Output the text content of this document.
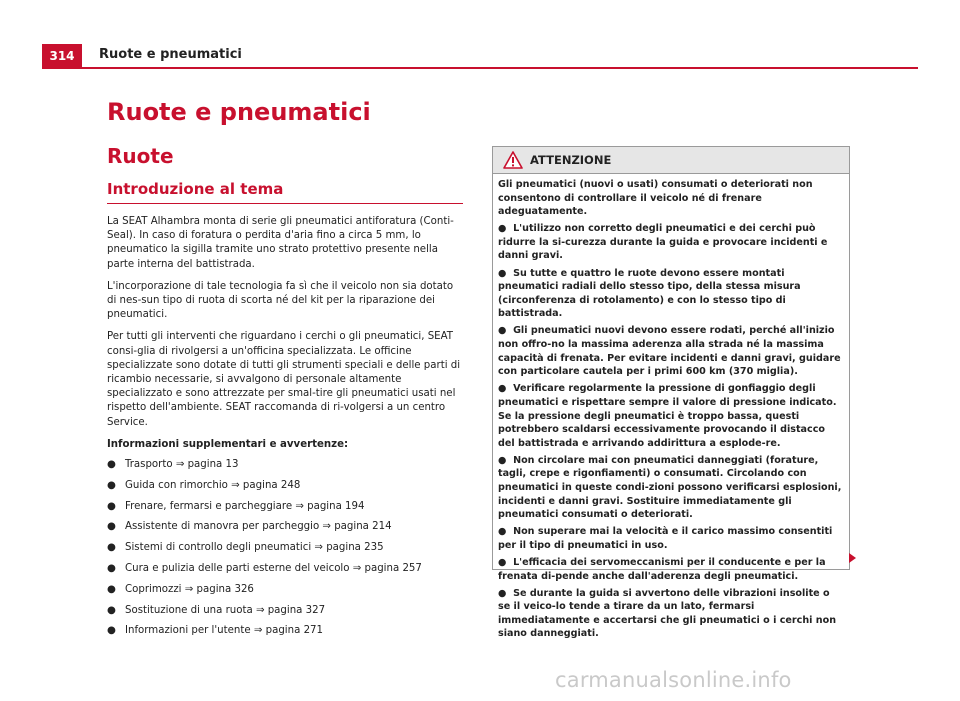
314	Ruote e pneumatici
Ruote e pneumatici
Ruote
Introduzione al tema

La SEAT Alhambra monta di serie gli pneumatici antiforatura (Conti-Seal). In caso di foratura o perdita d'aria fino a circa 5 mm, lo pneumatico la sigilla tramite uno strato protettivo presente nella parte interna del battistrada.

L'incorporazione di tale tecnologia fa sì che il veicolo non sia dotato di nes-sun tipo di ruota di scorta né del kit per la riparazione dei pneumatici.

Per tutti gli interventi che riguardano i cerchi o gli pneumatici, SEAT consi-glia di rivolgersi a un'officina specializzata. Le officine specializzate sono dotate di tutti gli strumenti speciali e delle parti di ricambio necessarie, si avvalgono di personale altamente specializzato e sono attrezzate per smal-tire gli pneumatici usati nel rispetto dell'ambiente. SEAT raccomanda di ri-volgersi a un centro Service.

Informazioni supplementari e avvertenze:

● Trasporto ⇒ pagina 13
● Guida con rimorchio ⇒ pagina 248
● Frenare, fermarsi e parcheggiare ⇒ pagina 194
● Assistente di manovra per parcheggio ⇒ pagina 214
● Sistemi di controllo degli pneumatici ⇒ pagina 235
● Cura e pulizia delle parti esterne del veicolo ⇒ pagina 257
● Coprimozzi ⇒ pagina 326
● Sostituzione di una ruota ⇒ pagina 327
● Informazioni per l'utente ⇒ pagina 271
ATTENZIONE

Gli pneumatici (nuovi o usati) consumati o deteriorati non consentono di controllare il veicolo né di frenare adeguatamente.

● L'utilizzo non corretto degli pneumatici e dei cerchi può ridurre la si-curezza durante la guida e provocare incidenti e danni gravi.

● Su tutte e quattro le ruote devono essere montati pneumatici radiali dello stesso tipo, della stessa misura (circonferenza di rotolamento) e con lo stesso tipo di battistrada.

● Gli pneumatici nuovi devono essere rodati, perché all'inizio non offro-no la massima aderenza alla strada né la massima capacità di frenata. Per evitare incidenti e danni gravi, guidare con particolare cautela per i primi 600 km (370 miglia).

● Verificare regolarmente la pressione di gonfiaggio degli pneumatici e rispettare sempre il valore di pressione indicato. Se la pressione degli pneumatici è troppo bassa, questi potrebbero scaldarsi eccessivamente provocando il distacco del battistrada e arrivando addirittura a esplode-re.

● Non circolare mai con pneumatici danneggiati (forature, tagli, crepe e rigonfiamenti) o consumati. Circolando con pneumatici in queste condi-zioni possono verificarsi esplosioni, incidenti e danni gravi. Sostituire immediatamente gli pneumatici consumati o deteriorati.

● Non superare mai la velocità e il carico massimo consentiti per il tipo di pneumatici in uso.

● L'efficacia dei servomeccanismi per il conducente e per la frenata di-pende anche dall'aderenza degli pneumatici.

● Se durante la guida si avvertono delle vibrazioni insolite o se il veico-lo tende a tirare da un lato, fermarsi immediatamente e accertarsi che gli pneumatici o i cerchi non siano danneggiati.

carmanualsonline.info
